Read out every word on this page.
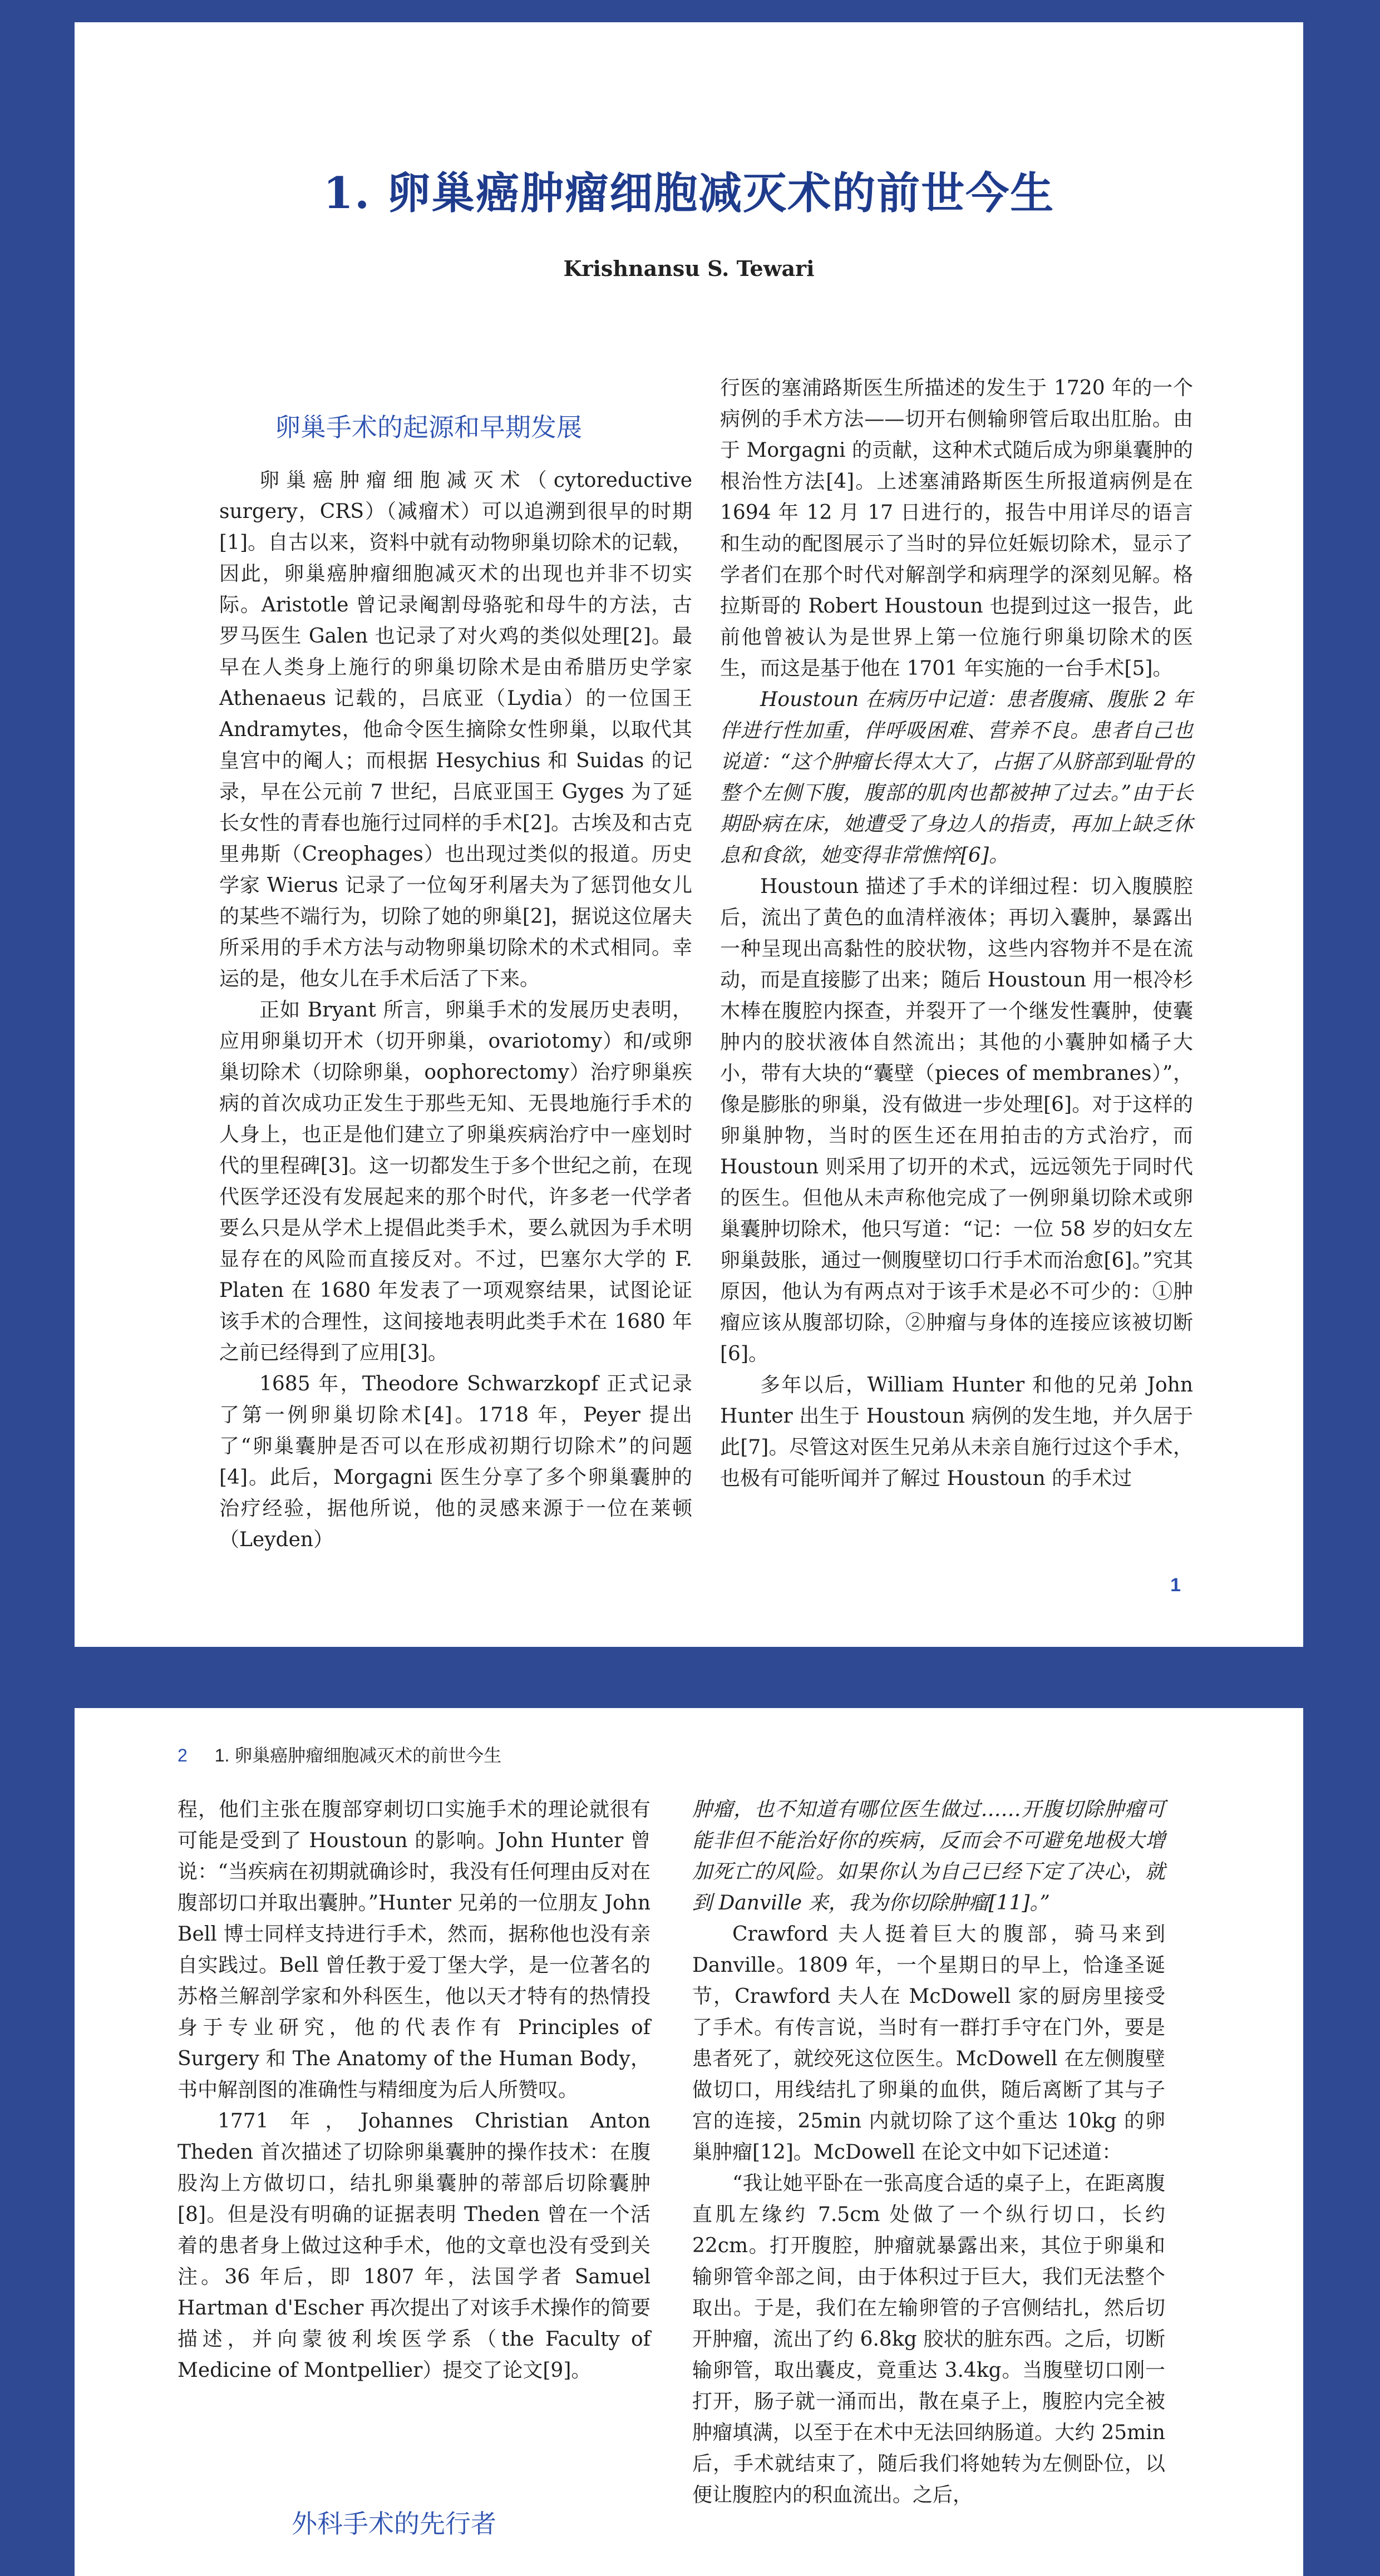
1. 卵巢癌肿瘤细胞减灭术的前世今生
Krishnansu S. Tewari

卵巢手术的起源和早期发展

卵巢癌肿瘤细胞减灭术（cytoreductive surgery，CRS）（减瘤术）可以追溯到很早的时期[1]。自古以来，资料中就有动物卵巢切除术的记载，因此，卵巢癌肿瘤细胞减灭术的出现也并非不切实际。Aristotle 曾记录阉割母骆驼和母牛的方法，古罗马医生 Galen 也记录了对火鸡的类似处理[2]。最早在人类身上施行的卵巢切除术是由希腊历史学家 Athenaeus 记载的，吕底亚（Lydia）的一位国王 Andramytes，他命令医生摘除女性卵巢，以取代其皇宫中的阉人；而根据 Hesychius 和 Suidas 的记录，早在公元前 7 世纪，吕底亚国王 Gyges 为了延长女性的青春也施行过同样的手术[2]。古埃及和古克里弗斯（Creophages）也出现过类似的报道。历史学家 Wierus 记录了一位匈牙利屠夫为了惩罚他女儿的某些不端行为，切除了她的卵巢[2]，据说这位屠夫所采用的手术方法与动物卵巢切除术的术式相同。幸运的是，他女儿在手术后活了下来。

正如 Bryant 所言，卵巢手术的发展历史表明，应用卵巢切开术（切开卵巢，ovariotomy）和/或卵巢切除术（切除卵巢，oophorectomy）治疗卵巢疾病的首次成功正发生于那些无知、无畏地施行手术的人身上，也正是他们建立了卵巢疾病治疗中一座划时代的里程碑[3]。这一切都发生于多个世纪之前，在现代医学还没有发展起来的那个时代，许多老一代学者要么只是从学术上提倡此类手术，要么就因为手术明显存在的风险而直接反对。不过，巴塞尔大学的 F. Platen 在 1680 年发表了一项观察结果，试图论证该手术的合理性，这间接地表明此类手术在 1680 年之前已经得到了应用[3]。

1685 年，Theodore Schwarzkopf 正式记录了第一例卵巢切除术[4]。1718 年，Peyer 提出了“卵巢囊肿是否可以在形成初期行切除术”的问题[4]。此后，Morgagni 医生分享了多个卵巢囊肿的治疗经验，据他所说，他的灵感来源于一位在莱顿（Leyden）

行医的塞浦路斯医生所描述的发生于 1720 年的一个病例的手术方法——切开右侧输卵管后取出肛胎。由于 Morgagni 的贡献，这种术式随后成为卵巢囊肿的根治性方法[4]。上述塞浦路斯医生所报道病例是在 1694 年 12 月 17 日进行的，报告中用详尽的语言和生动的配图展示了当时的异位妊娠切除术，显示了学者们在那个时代对解剖学和病理学的深刻见解。格拉斯哥的 Robert Houstoun 也提到过这一报告，此前他曾被认为是世界上第一位施行卵巢切除术的医生，而这是基于他在 1701 年实施的一台手术[5]。

Houstoun 在病历中记道：患者腹痛、腹胀 2 年伴进行性加重，伴呼吸困难、营养不良。患者自己也说道：“这个肿瘤长得太大了，占据了从脐部到耻骨的整个左侧下腹，腹部的肌肉也都被抻了过去。”由于长期卧病在床，她遭受了身边人的指责，再加上缺乏休息和食欲，她变得非常憔悴[6]。

Houstoun 描述了手术的详细过程：切入腹膜腔后，流出了黄色的血清样液体；再切入囊肿，暴露出一种呈现出高黏性的胶状物，这些内容物并不是在流动，而是直接膨了出来；随后 Houstoun 用一根冷杉木棒在腹腔内探查，并裂开了一个继发性囊肿，使囊肿内的胶状液体自然流出；其他的小囊肿如橘子大小，带有大块的“囊壁（pieces of membranes）”，像是膨胀的卵巢，没有做进一步处理[6]。对于这样的卵巢肿物，当时的医生还在用拍击的方式治疗，而 Houstoun 则采用了切开的术式，远远领先于同时代的医生。但他从未声称他完成了一例卵巢切除术或卵巢囊肿切除术，他只写道：“记：一位 58 岁的妇女左卵巢鼓胀，通过一侧腹壁切口行手术而治愈[6]。”究其原因，他认为有两点对于该手术是必不可少的：①肿瘤应该从腹部切除，②肿瘤与身体的连接应该被切断[6]。

多年以后，William Hunter 和他的兄弟 John Hunter 出生于 Houstoun 病例的发生地，并久居于此[7]。尽管这对医生兄弟从未亲自施行过这个手术，也极有可能听闻并了解过 Houstoun 的手术过

1
2 1. 卵巢癌肿瘤细胞减灭术的前世今生

程，他们主张在腹部穿刺切口实施手术的理论就很有可能是受到了 Houstoun 的影响。John Hunter 曾说：“当疾病在初期就确诊时，我没有任何理由反对在腹部切口并取出囊肿。”Hunter 兄弟的一位朋友 John Bell 博士同样支持进行手术，然而，据称他也没有亲自实践过。Bell 曾任教于爱丁堡大学，是一位著名的苏格兰解剖学家和外科医生，他以天才特有的热情投身于专业研究，他的代表作有 Principles of Surgery 和 The Anatomy of the Human Body，书中解剖图的准确性与精细度为后人所赞叹。

1771 年，Johannes Christian Anton Theden 首次描述了切除卵巢囊肿的操作技术：在腹股沟上方做切口，结扎卵巢囊肿的蒂部后切除囊肿[8]。但是没有明确的证据表明 Theden 曾在一个活着的患者身上做过这种手术，他的文章也没有受到关注。36 年后，即 1807 年，法国学者 Samuel Hartman d'Escher 再次提出了对该手术操作的简要描述，并向蒙彼利埃医学系（the Faculty of Medicine of Montpellier）提交了论文[9]。

肿瘤，也不知道有哪位医生做过……开腹切除肿瘤可能非但不能治好你的疾病，反而会不可避免地极大增加死亡的风险。如果你认为自己已经下定了决心，就到 Danville 来，我为你切除肿瘤[11]。”

Crawford 夫人挺着巨大的腹部，骑马来到 Danville。1809 年，一个星期日的早上，恰逢圣诞节，Crawford 夫人在 McDowell 家的厨房里接受了手术。有传言说，当时有一群打手守在门外，要是患者死了，就绞死这位医生。McDowell 在左侧腹壁做切口，用线结扎了卵巢的血供，随后离断了其与子宫的连接，25min 内就切除了这个重达 10kg 的卵巢肿瘤[12]。McDowell 在论文中如下记述道：

“我让她平卧在一张高度合适的桌子上，在距离腹直肌左缘约 7.5cm 处做了一个纵行切口，长约 22cm。打开腹腔，肿瘤就暴露出来，其位于卵巢和输卵管伞部之间，由于体积过于巨大，我们无法整个取出。于是，我们在左输卵管的子宫侧结扎，然后切开肿瘤，流出了约 6.8kg 胶状的脏东西。之后，切断输卵管，取出囊皮，竟重达 3.4kg。当腹壁切口刚一打开，肠子就一涌而出，散在桌子上，腹腔内完全被肿瘤填满，以至于在术中无法回纳肠道。大约 25min 后，手术就结束了，随后我们将她转为左侧卧位，以便让腹腔内的积血流出。之后，

外科手术的先行者
